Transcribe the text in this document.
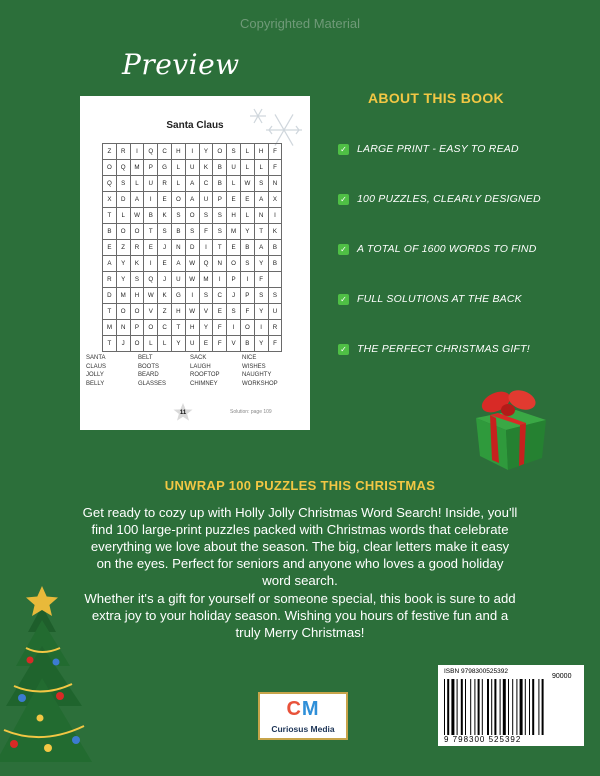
Copyrighted Material
Preview
Santa Claus
Z	R	I	Q	C	H	I	Y	O	S	L	H	F
O	Q	M	P	G	L	U	K	B	U	L	L	F
Q	S	L	U	R	L	A	C	B	L	W	S	N
X	D	A	I	E	O	A	U	P	E	E	A	X
T	L	W	B	K	S	O	S	S	H	L	N	I
B	O	O	T	S	B	S	F	S	M	Y	T	K
E	Z	R	E	J	N	D	I	T	E	B	A	B
A	Y	K	I	E	A	W	Q	N	O	S	Y	B
R	Y	S	Q	J	U	W	M	I	P	I	F	
D	M	H	W	K	G	I	S	C	J	P	S	S
T	O	O	V	Z	H	W	V	E	S	F	Y	U
M	N	P	O	C	T	H	Y	F	I	O	I	R
T	J	O	L	L	Y	U	E	F	V	B	Y	F
SANTA	BELT	SACK	NICE
CLAUS	BOOTS	LAUGH	WISHES
JOLLY	BEARD	ROOFTOP	NAUGHTY
BELLY	GLASSES	CHIMNEY	WORKSHOP
11	Solution: page 109
ABOUT THIS BOOK
✓ LARGE PRINT - EASY TO READ
✓ 100 PUZZLES, CLEARLY DESIGNED
✓ A TOTAL OF 1600 WORDS TO FIND
✓ FULL SOLUTIONS AT THE BACK
✓ THE PERFECT CHRISTMAS GIFT!
UNWRAP 100 PUZZLES THIS CHRISTMAS
Get ready to cozy up with Holly Jolly Christmas Word Search! Inside, you'll find 100 large-print puzzles packed with Christmas words that celebrate everything we love about the season. The big, clear letters make it easy on the eyes. Perfect for seniors and anyone who loves a good holiday word search.
Whether it's a gift for yourself or someone special, this book is sure to add extra joy to your holiday season. Wishing you hours of festive fun and a truly Merry Christmas!
CM
Curiosus Media
ISBN 9798300525392
90000
9 798300 525392
